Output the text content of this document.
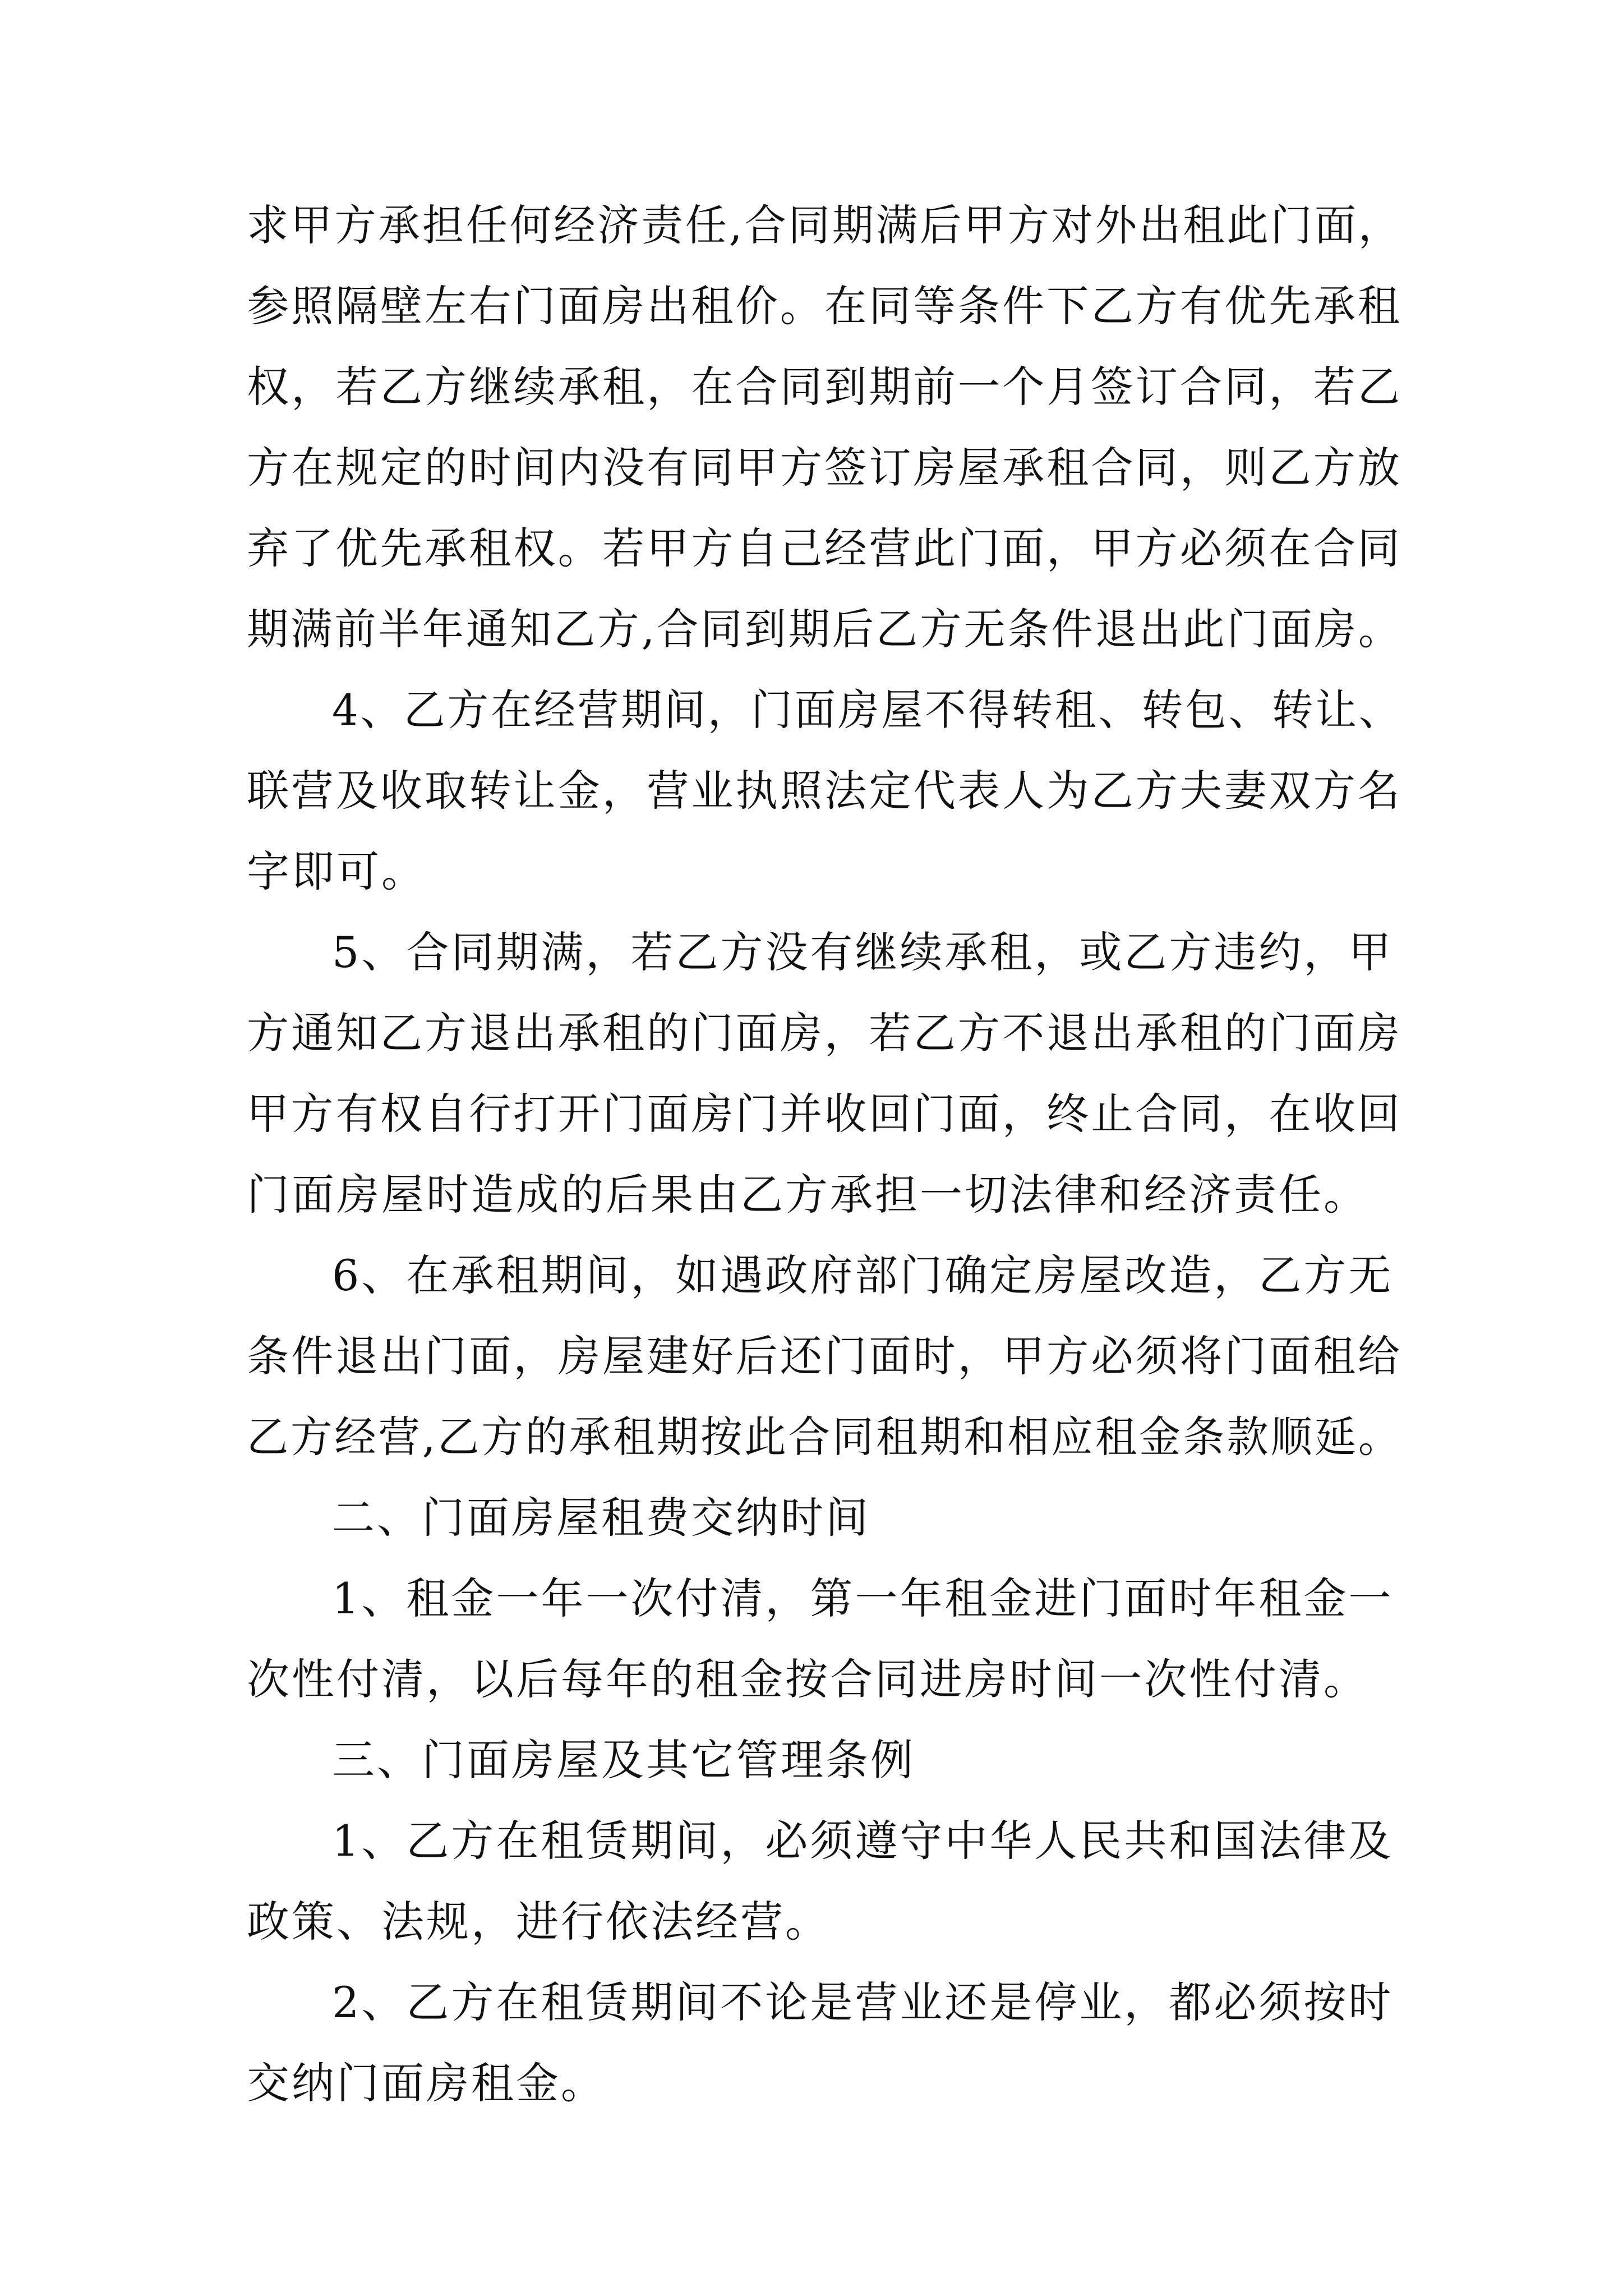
求甲方承担任何经济责任,合同期满后甲方对外出租此门面，
参照隔壁左右门面房出租价。在同等条件下乙方有优先承租
权，若乙方继续承租，在合同到期前一个月签订合同，若乙
方在规定的时间内没有同甲方签订房屋承租合同，则乙方放
弃了优先承租权。若甲方自己经营此门面，甲方必须在合同
期满前半年通知乙方,合同到期后乙方无条件退出此门面房。
4、乙方在经营期间，门面房屋不得转租、转包、转让、
联营及收取转让金，营业执照法定代表人为乙方夫妻双方名
字即可。
5、合同期满，若乙方没有继续承租，或乙方违约，甲
方通知乙方退出承租的门面房，若乙方不退出承租的门面房
甲方有权自行打开门面房门并收回门面，终止合同，在收回
门面房屋时造成的后果由乙方承担一切法律和经济责任。
6、在承租期间，如遇政府部门确定房屋改造，乙方无
条件退出门面，房屋建好后还门面时，甲方必须将门面租给
乙方经营,乙方的承租期按此合同租期和相应租金条款顺延。
二、门面房屋租费交纳时间
1、租金一年一次付清，第一年租金进门面时年租金一
次性付清，以后每年的租金按合同进房时间一次性付清。
三、门面房屋及其它管理条例
1、乙方在租赁期间，必须遵守中华人民共和国法律及
政策、法规，进行依法经营。
2、乙方在租赁期间不论是营业还是停业，都必须按时
交纳门面房租金。
